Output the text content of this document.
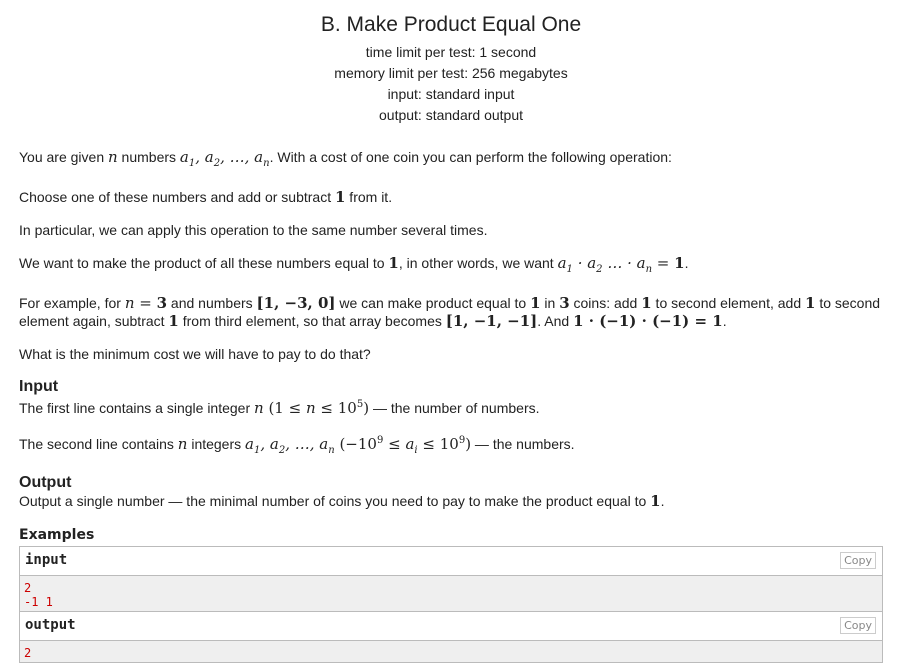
B. Make Product Equal One
time limit per test: 1 second
memory limit per test: 256 megabytes
input: standard input
output: standard output

You are given n numbers $a_1$, $a_2$, …, $a_n$. With a cost of one coin you can perform the following operation:

Choose one of these numbers and add or subtract 1 from it.

In particular, we can apply this operation to the same number several times.

We want to make the product of all these numbers equal to 1, in other words, we want $a_1 \cdot a_2$ … · $a_n = 1$.

For example, for n = 3 and numbers [1, −3, 0] we can make product equal to 1 in 3 coins: add 1 to second element, add 1 to second element again, subtract 1 from third element, so that array becomes [1, −1, −1]. And 1 · (−1) · (−1) = 1.

What is the minimum cost we will have to pay to do that?

Input

The first line contains a single integer n $(1 \le n \le 10^5)$ — the number of numbers.

The second line contains n integers $a_1$, $a_2$, …, $a_n$ $(-10^9 \le a_i \le 10^9)$ — the numbers.

Output

Output a single number — the minimal number of coins you need to pay to make the product equal to 1.

Examples
input	Copy
2
-1 1
output	Copy
2
